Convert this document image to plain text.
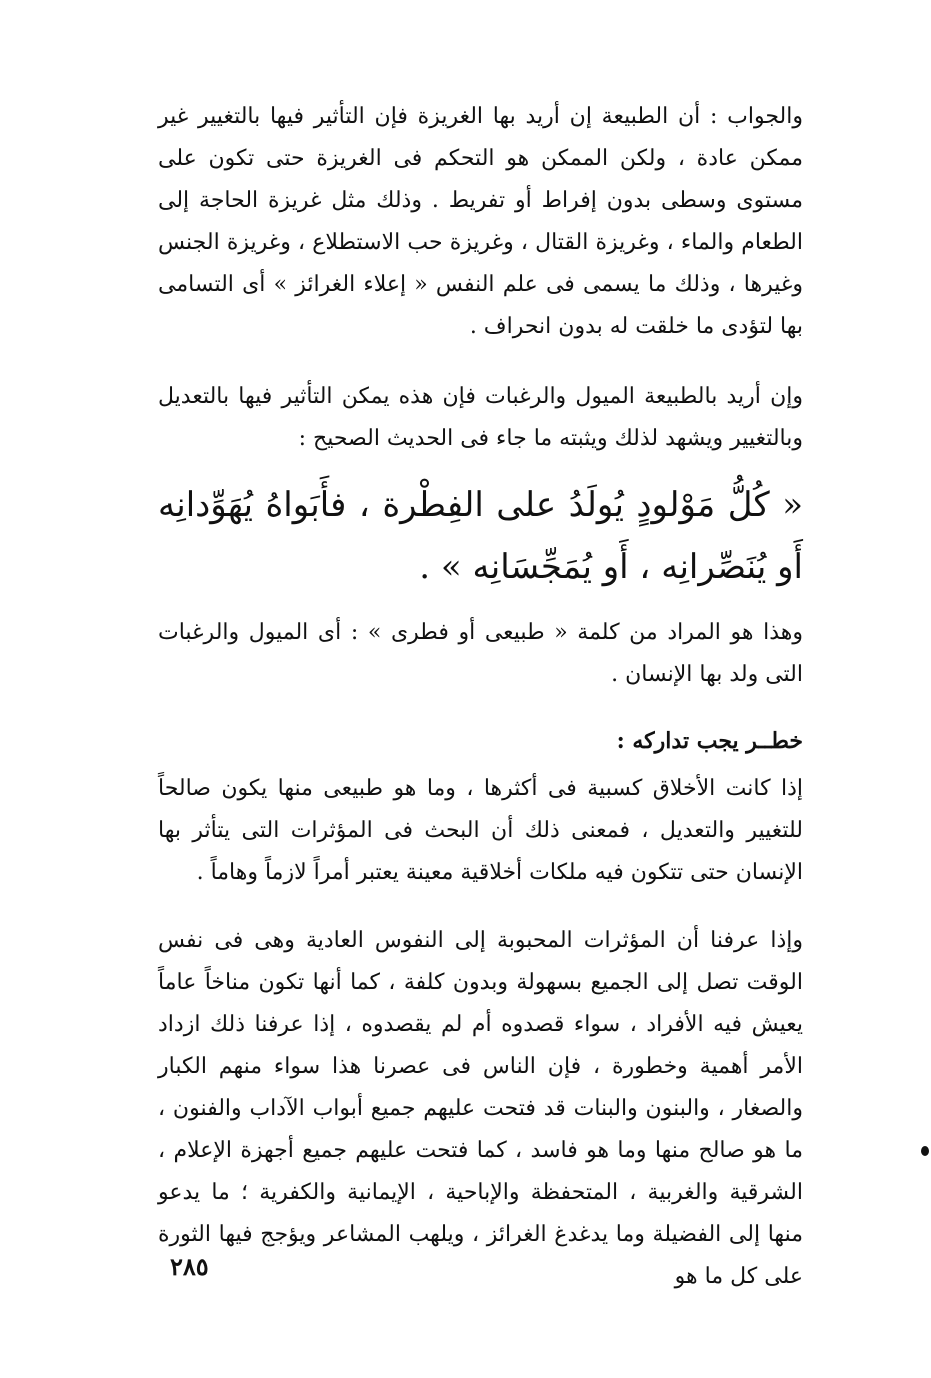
والجواب : أن الطبيعة إن أريد بها الغريزة فإن التأثير فيها بالتغيير غير ممكن عادة ، ولكن الممكن هو التحكم فى الغريزة حتى تكون على مستوى وسطى بدون إفراط أو تفريط . وذلك مثل غريزة الحاجة إلى الطعام والماء ، وغريزة القتال ، وغريزة حب الاستطلاع ، وغريزة الجنس وغيرها ، وذلك ما يسمى فى علم النفس « إعلاء الغرائز » أى التسامى بها لتؤدى ما خلقت له بدون انحراف .

وإن أريد بالطبيعة الميول والرغبات فإن هذه يمكن التأثير فيها بالتعديل وبالتغيير ويشهد لذلك ويثبته ما جاء فى الحديث الصحيح :

« كُلُّ مَوْلودٍ يُولَدُ على الفِطْرة ، فأَبَواهُ يُهَوِّدانِه أَو يُنَصِّرانِه ، أَو يُمَجِّسَانِه » .

وهذا هو المراد من كلمة « طبيعى أو فطرى » : أى الميول والرغبات التى ولد بها الإنسان .

خطــر يجب تداركه :

إذا كانت الأخلاق كسبية فى أكثرها ، وما هو طبيعى منها يكون صالحاً للتغيير والتعديل ، فمعنى ذلك أن البحث فى المؤثرات التى يتأثر بها الإنسان حتى تتكون فيه ملكات أخلاقية معينة يعتبر أمراً لازماً وهاماً .

وإذا عرفنا أن المؤثرات المحبوبة إلى النفوس العادية وهى فى نفس الوقت تصل إلى الجميع بسهولة وبدون كلفة ، كما أنها تكون مناخاً عاماً يعيش فيه الأفراد ، سواء قصدوه أم لم يقصدوه ، إذا عرفنا ذلك ازداد الأمر أهمية وخطورة ، فإن الناس فى عصرنا هذا سواء منهم الكبار والصغار ، والبنون والبنات قد فتحت عليهم جميع أبواب الآداب والفنون ، ما هو صالح منها وما هو فاسد ، كما فتحت عليهم جميع أجهزة الإعلام ، الشرقية والغربية ، المتحفظة والإباحية ، الإيمانية والكفرية ؛ ما يدعو منها إلى الفضيلة وما يدغدغ الغرائز ، ويلهب المشاعر ويؤجج فيها الثورة على كل ما هو

٢٨٥
